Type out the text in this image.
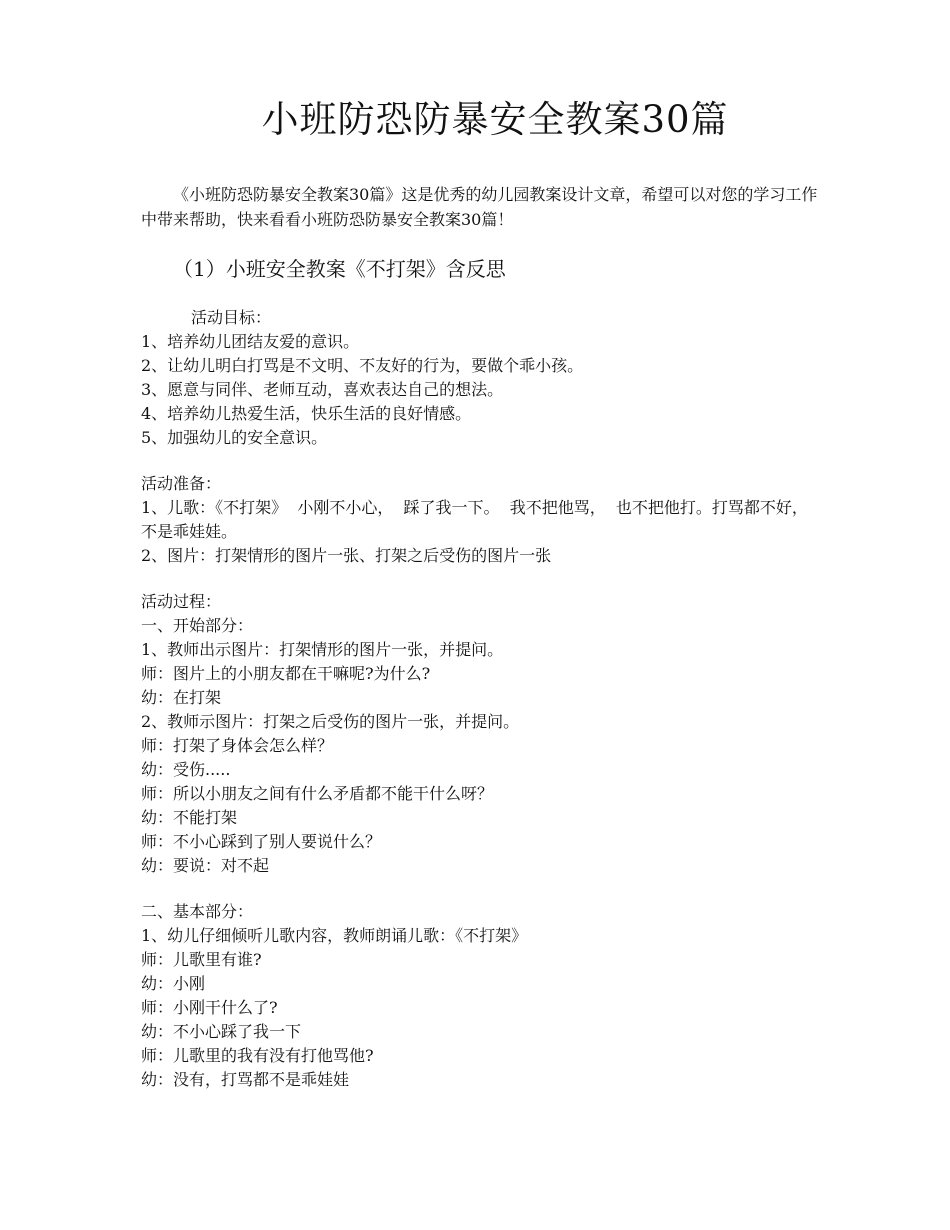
小班防恐防暴安全教案30篇

《小班防恐防暴安全教案30篇》这是优秀的幼儿园教案设计文章，希望可以对您的学习工作中带来帮助，快来看看小班防恐防暴安全教案30篇！

（1）小班安全教案《不打架》含反思
活动目标：
1、培养幼儿团结友爱的意识。
2、让幼儿明白打骂是不文明、不友好的行为，要做个乖小孩。
3、愿意与同伴、老师互动，喜欢表达自己的想法。
4、培养幼儿热爱生活，快乐生活的良好情感。
5、加强幼儿的安全意识。
活动准备：
1、儿歌：《不打架》  小刚不小心，  踩了我一下。  我不把他骂，  也不把他打。打骂都不好，  不是乖娃娃。
2、图片：打架情形的图片一张、打架之后受伤的图片一张
活动过程：
一、开始部分：
1、教师出示图片：打架情形的图片一张，并提问。
师：图片上的小朋友都在干嘛呢?为什么?
幼：在打架
2、教师示图片：打架之后受伤的图片一张，并提问。
师：打架了身体会怎么样？
幼：受伤.....
师：所以小朋友之间有什么矛盾都不能干什么呀？
幼：不能打架
师：不小心踩到了别人要说什么？
幼：要说：对不起
二、基本部分：
1、幼儿仔细倾听儿歌内容，教师朗诵儿歌：《不打架》
师：儿歌里有谁?
幼：小刚
师：小刚干什么了?
幼：不小心踩了我一下
师：儿歌里的我有没有打他骂他?
幼：没有，打骂都不是乖娃娃
